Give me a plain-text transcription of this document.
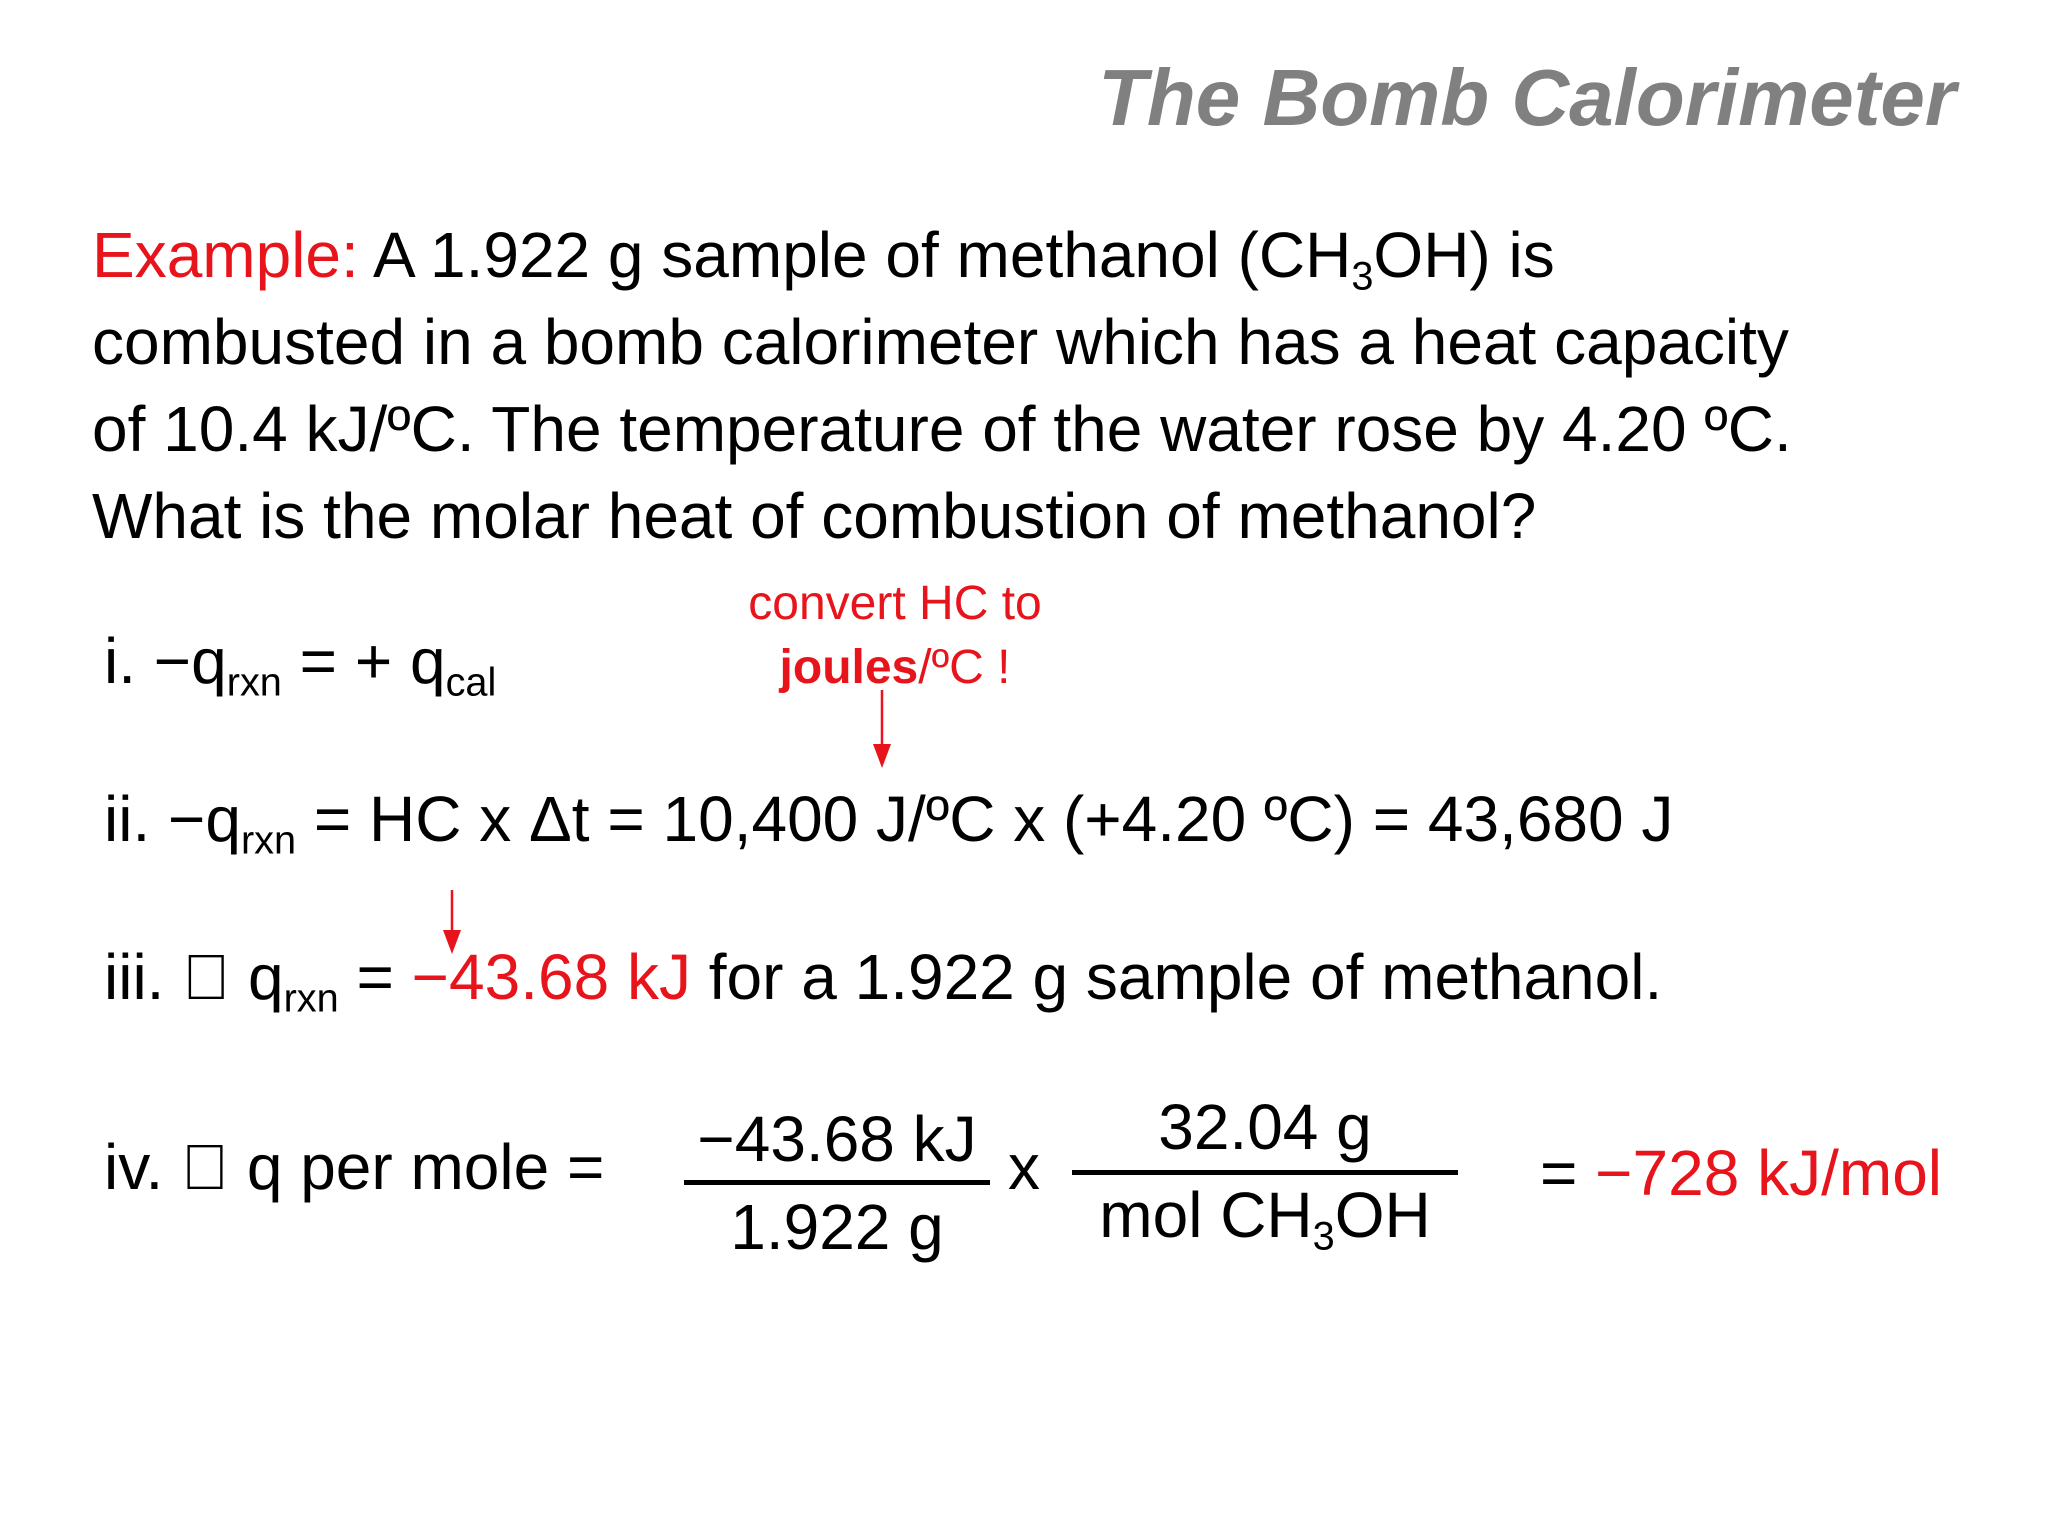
The Bomb Calorimeter
Example: A 1.922 g sample of methanol $(CH_3OH)$ is
combusted in a bomb calorimeter which has a heat capacity
of 10.4 kJ/ºC. The temperature of the water rose by 4.20 ºC.
What is the molar heat of combustion of methanol?
i. $-q_{rxn}$ = + $q_{cal}$
convert HC to
joules/ºC !
ii. $-q_{rxn}$ = HC x Δt = 10,400 J/ºC x (+4.20 ºC) = 43,680 J
iii.   $q_{rxn} = -43.68$ kJ for a 1.922 g sample of methanol.
iv.   q per mole = −43.68 kJ
1.922 g
x
32.04 g
mol $CH_3OH$
= −728 kJ/mol
